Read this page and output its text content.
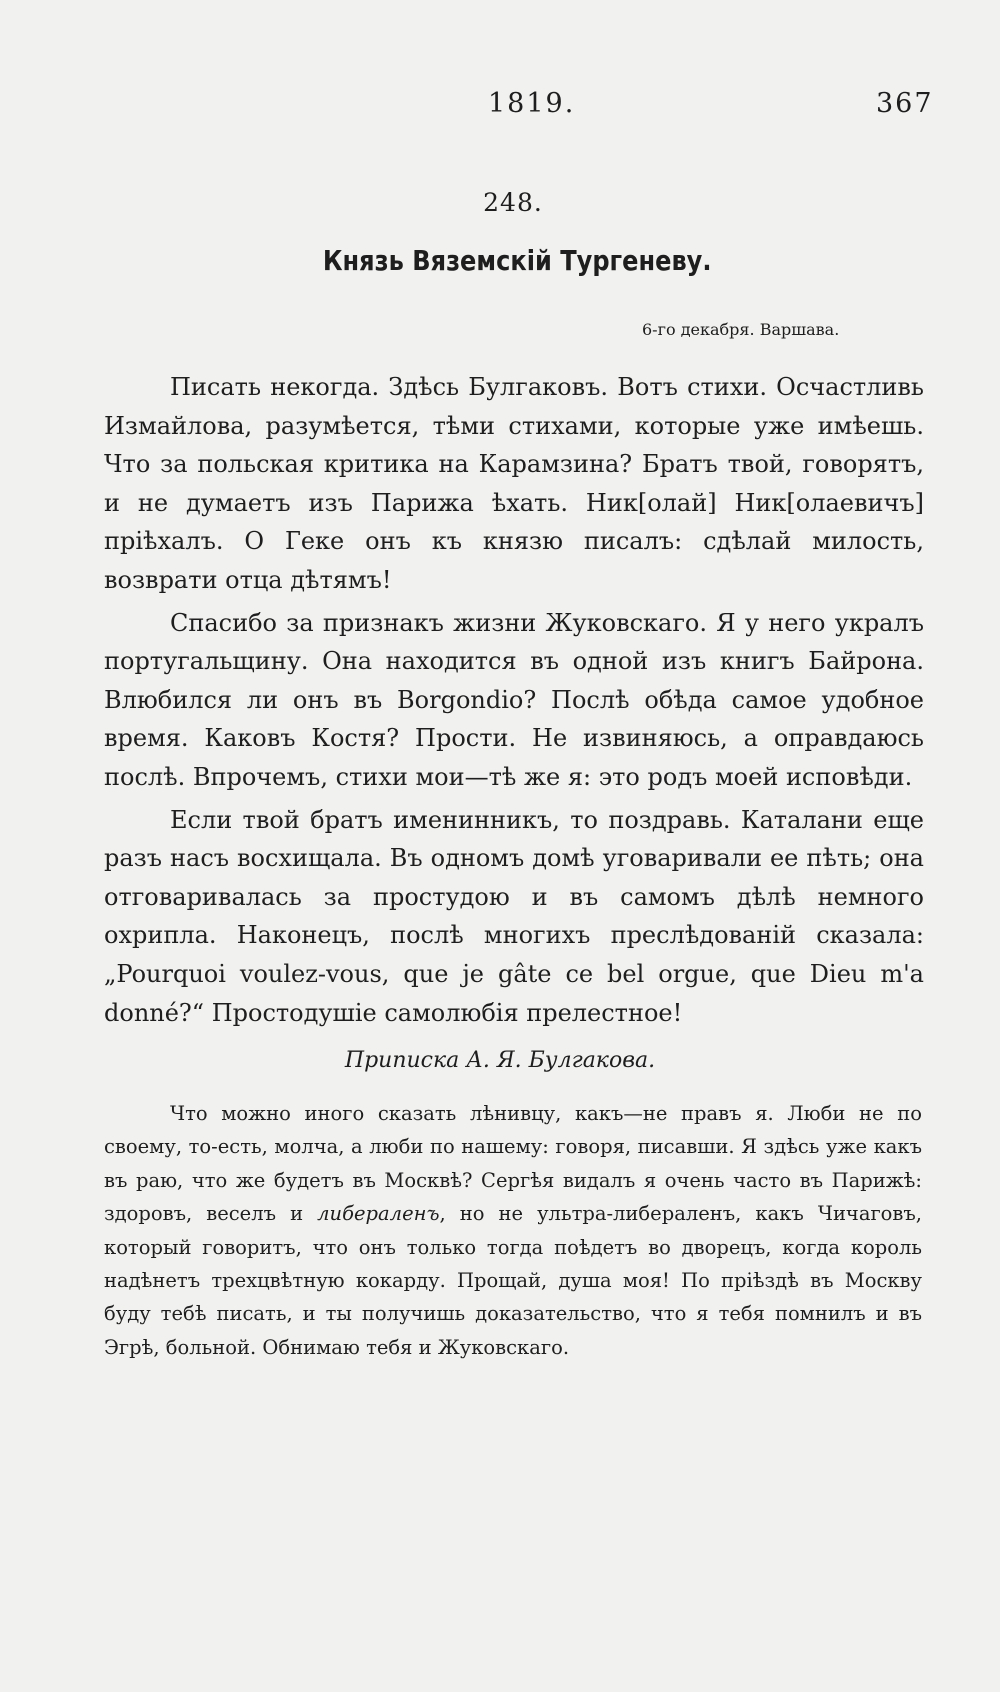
1819.	367
248.
Князь Вяземскій Тургеневу.
6-го декабря. Варшава.

Писать некогда. Здѣсь Булгаковъ. Вотъ стихи. Осчастливь Измайлова, разумѣется, тѣми стихами, которые уже имѣешь. Что за польская критика на Карамзина? Братъ твой, говорятъ, и не думаетъ изъ Парижа ѣхать. Ник[олай] Ник[олаевичъ] пріѣхалъ. О Геке онъ къ князю писалъ: сдѣлай милость, возврати отца дѣтямъ!

Спасибо за признакъ жизни Жуковскаго. Я у него укралъ португальщину. Она находится въ одной изъ книгъ Байрона. Влюбился ли онъ въ Borgondio? Послѣ обѣда самое удобное время. Каковъ Костя? Прости. Не извиняюсь, а оправдаюсь послѣ. Впрочемъ, стихи мои—тѣ же я: это родъ моей исповѣди.

Если твой братъ именинникъ, то поздравь. Каталани еще разъ насъ восхищала. Въ одномъ домѣ уговаривали ее пѣть; она отговаривалась за простудою и въ самомъ дѣлѣ немного охрипла. Наконецъ, послѣ многихъ преслѣдованій сказала: „Pourquoi voulez-vous, que je gâte ce bel orgue, que Dieu m'a donné?“ Простодушіе самолюбія прелестное!

Приписка А. Я. Булгакова.

Что можно иного сказать лѣнивцу, какъ—не правъ я. Люби не по своему, то-есть, молча, а люби по нашему: говоря, писавши. Я здѣсь уже какъ въ раю, что же будетъ въ Москвѣ? Сергѣя видалъ я очень часто въ Парижѣ: здоровъ, веселъ и либераленъ, но не ультра-либераленъ, какъ Чичаговъ, который говоритъ, что онъ только тогда поѣдетъ во дворецъ, когда король надѣнетъ трехцвѣтную кокарду. Прощай, душа моя! По пріѣздѣ въ Москву буду тебѣ писать, и ты получишь доказательство, что я тебя помнилъ и въ Эгрѣ, больной. Обнимаю тебя и Жуковскаго.
